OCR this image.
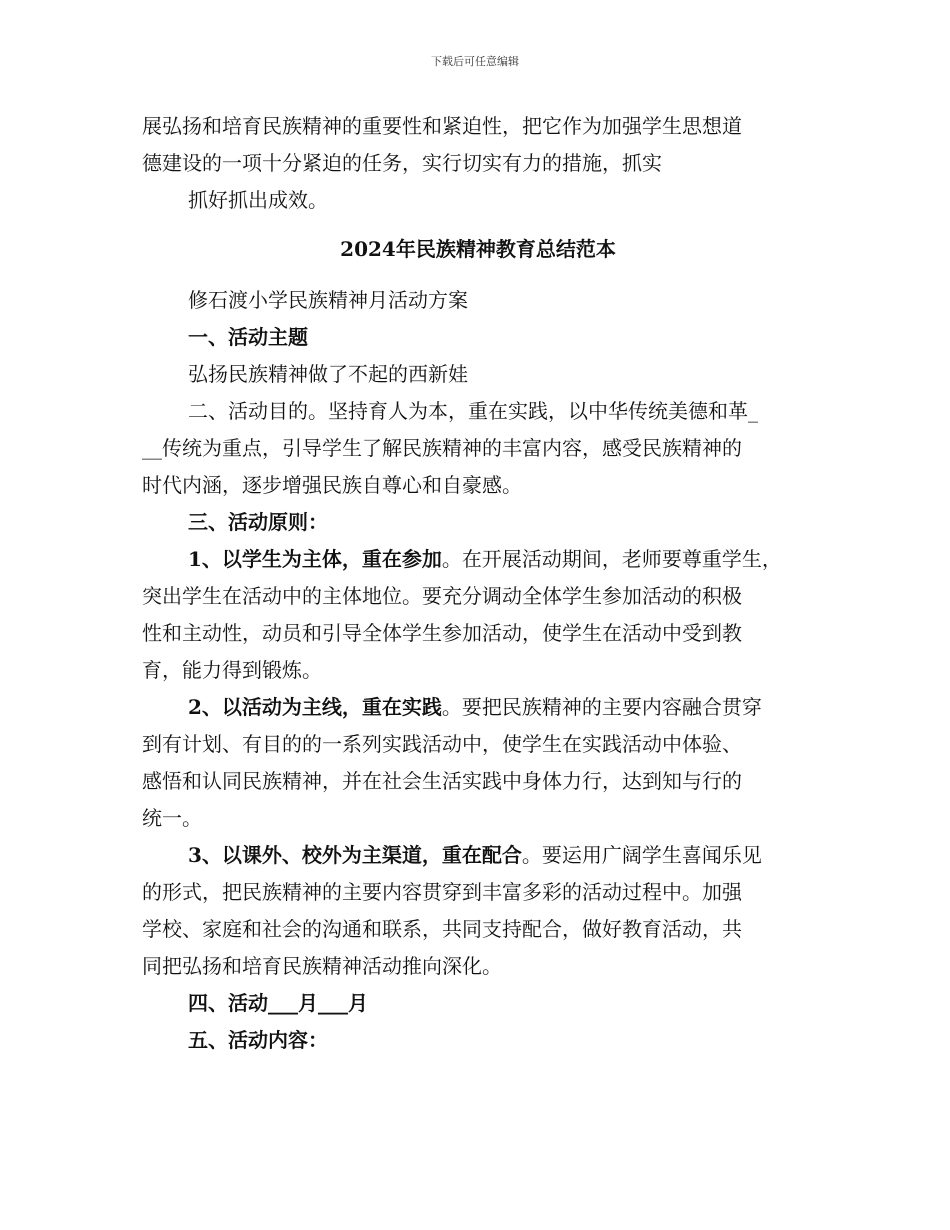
下载后可任意编辑
展弘扬和培育民族精神的重要性和紧迫性，把它作为加强学生思想道
德建设的一项十分紧迫的任务，实行切实有力的措施，抓实
抓好抓出成效。
2024年民族精神教育总结范本
修石渡小学民族精神月活动方案
一、活动主题
弘扬民族精神做了不起的西新娃
二、活动目的。坚持育人为本，重在实践，以中华传统美德和革_
__传统为重点，引导学生了解民族精神的丰富内容，感受民族精神的
时代内涵，逐步增强民族自尊心和自豪感。
三、活动原则：
1、以学生为主体，重在参加。在开展活动期间，老师要尊重学生，
突出学生在活动中的主体地位。要充分调动全体学生参加活动的积极
性和主动性，动员和引导全体学生参加活动，使学生在活动中受到教
育，能力得到锻炼。
2、以活动为主线，重在实践。要把民族精神的主要内容融合贯穿
到有计划、有目的的一系列实践活动中，使学生在实践活动中体验、
感悟和认同民族精神，并在社会生活实践中身体力行，达到知与行的
统一。
3、以课外、校外为主渠道，重在配合。要运用广阔学生喜闻乐见
的形式，把民族精神的主要内容贯穿到丰富多彩的活动过程中。加强
学校、家庭和社会的沟通和联系，共同支持配合，做好教育活动，共
同把弘扬和培育民族精神活动推向深化。
四、活动___月___月
五、活动内容：
